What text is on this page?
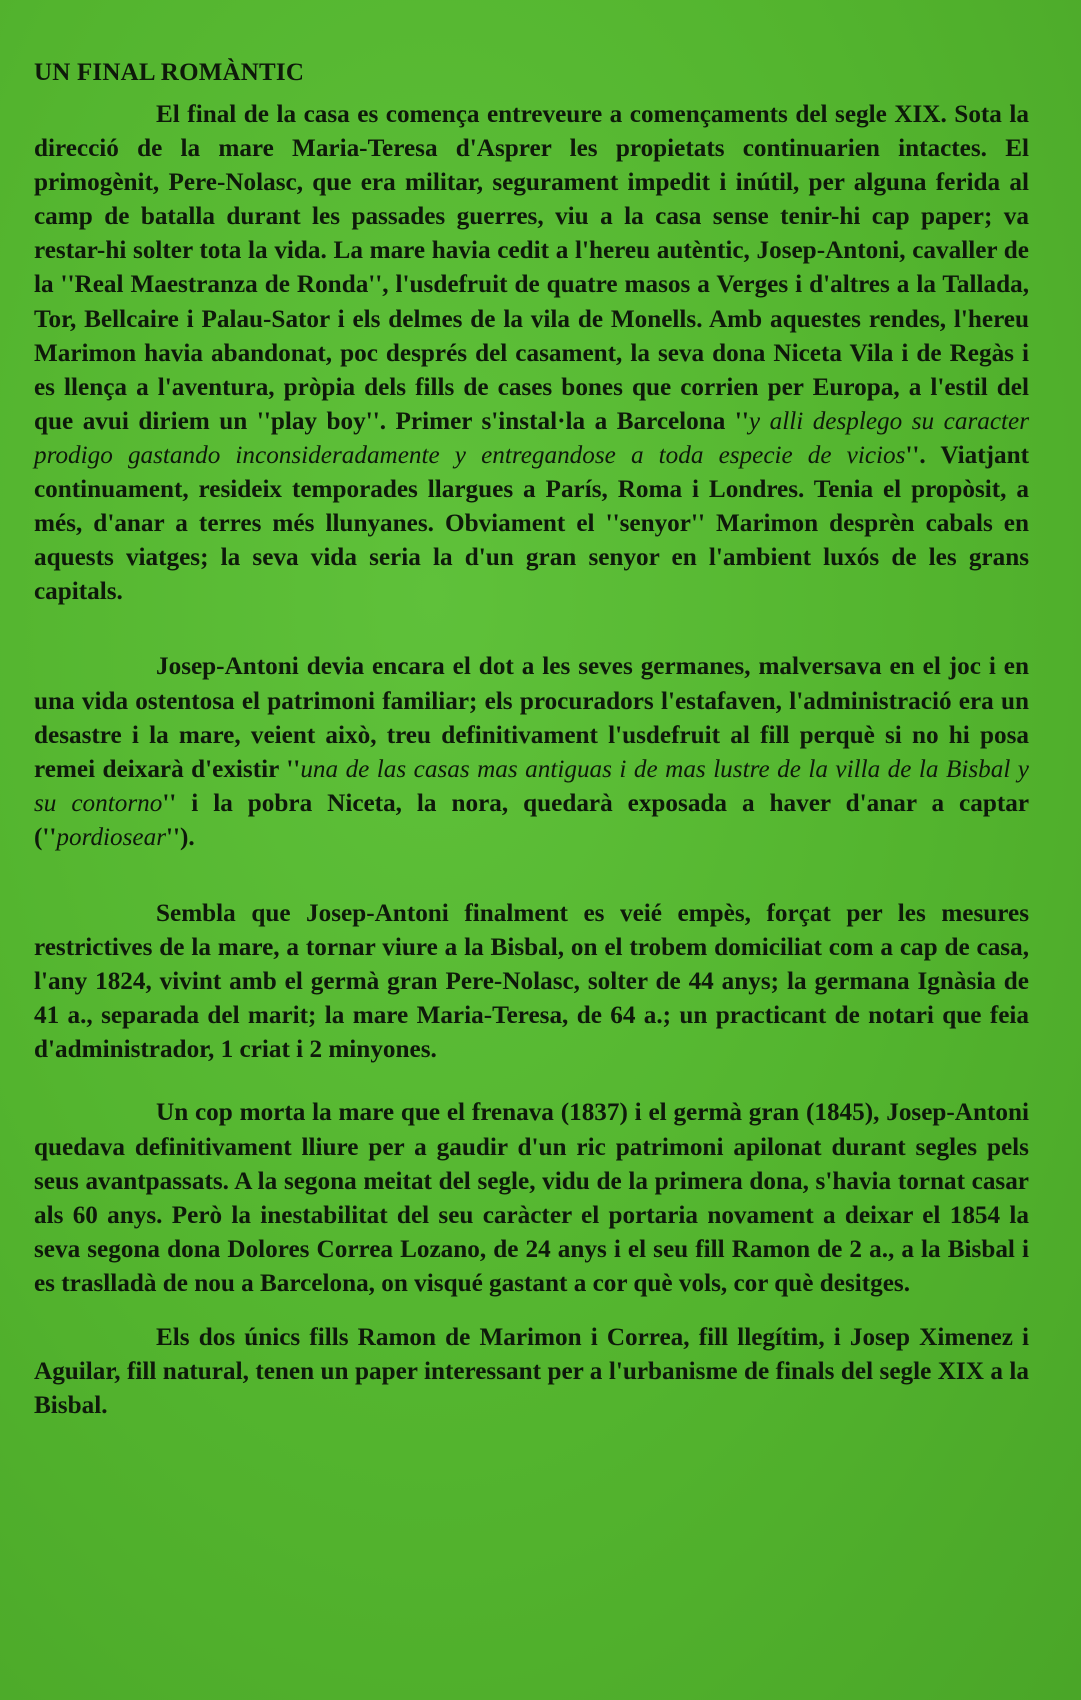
UN FINAL ROMÀNTIC

El final de la casa es comença entreveure a començaments del segle XIX. Sota la direcció de la mare Maria-Teresa d'Asprer les propietats continuarien intactes. El primogènit, Pere-Nolasc, que era militar, segurament impedit i inútil, per alguna ferida al camp de batalla durant les passades guerres, viu a la casa sense tenir-hi cap paper; va restar-hi solter tota la vida. La mare havia cedit a l'hereu autèntic, Josep-Antoni, cavaller de la ''Real Maestranza de Ronda'', l'usdefruit de quatre masos a Verges i d'altres a la Tallada, Tor, Bellcaire i Palau-Sator i els delmes de la vila de Monells. Amb aquestes rendes, l'hereu Marimon havia abandonat, poc després del casament, la seva dona Niceta Vila i de Regàs i es llença a l'aventura, pròpia dels fills de cases bones que corrien per Europa, a l'estil del que avui diriem un ''play boy''. Primer s'instal·la a Barcelona ''y alli desplego su caracter prodigo gastando inconsideradamente y entregandose a toda especie de vicios''. Viatjant continuament, resideix temporades llargues a París, Roma i Londres. Tenia el propòsit, a més, d'anar a terres més llunyanes. Obviament el ''senyor'' Marimon desprèn cabals en aquests viatges; la seva vida seria la d'un gran senyor en l'ambient luxós de les grans capitals.

Josep-Antoni devia encara el dot a les seves germanes, malversava en el joc i en una vida ostentosa el patrimoni familiar; els procuradors l'estafaven, l'administració era un desastre i la mare, veient això, treu definitivament l'usdefruit al fill perquè si no hi posa remei deixarà d'existir ''una de las casas mas antiguas i de mas lustre de la villa de la Bisbal y su contorno'' i la pobra Niceta, la nora, quedarà exposada a haver d'anar a captar (''pordiosear'').

Sembla que Josep-Antoni finalment es veié empès, forçat per les mesures restrictives de la mare, a tornar viure a la Bisbal, on el trobem domiciliat com a cap de casa, l'any 1824, vivint amb el germà gran Pere-Nolasc, solter de 44 anys; la germana Ignàsia de 41 a., separada del marit; la mare Maria-Teresa, de 64 a.; un practicant de notari que feia d'administrador, 1 criat i 2 minyones.

Un cop morta la mare que el frenava (1837) i el germà gran (1845), Josep-Antoni quedava definitivament lliure per a gaudir d'un ric patrimoni apilonat durant segles pels seus avantpassats. A la segona meitat del segle, vidu de la primera dona, s'havia tornat casar als 60 anys. Però la inestabilitat del seu caràcter el portaria novament a deixar el 1854 la seva segona dona Dolores Correa Lozano, de 24 anys i el seu fill Ramon de 2 a., a la Bisbal i es traslladà de nou a Barcelona, on visqué gastant a cor què vols, cor què desitges.

Els dos únics fills Ramon de Marimon i Correa, fill llegítim, i Josep Ximenez i Aguilar, fill natural, tenen un paper interessant per a l'urbanisme de finals del segle XIX a la Bisbal.
